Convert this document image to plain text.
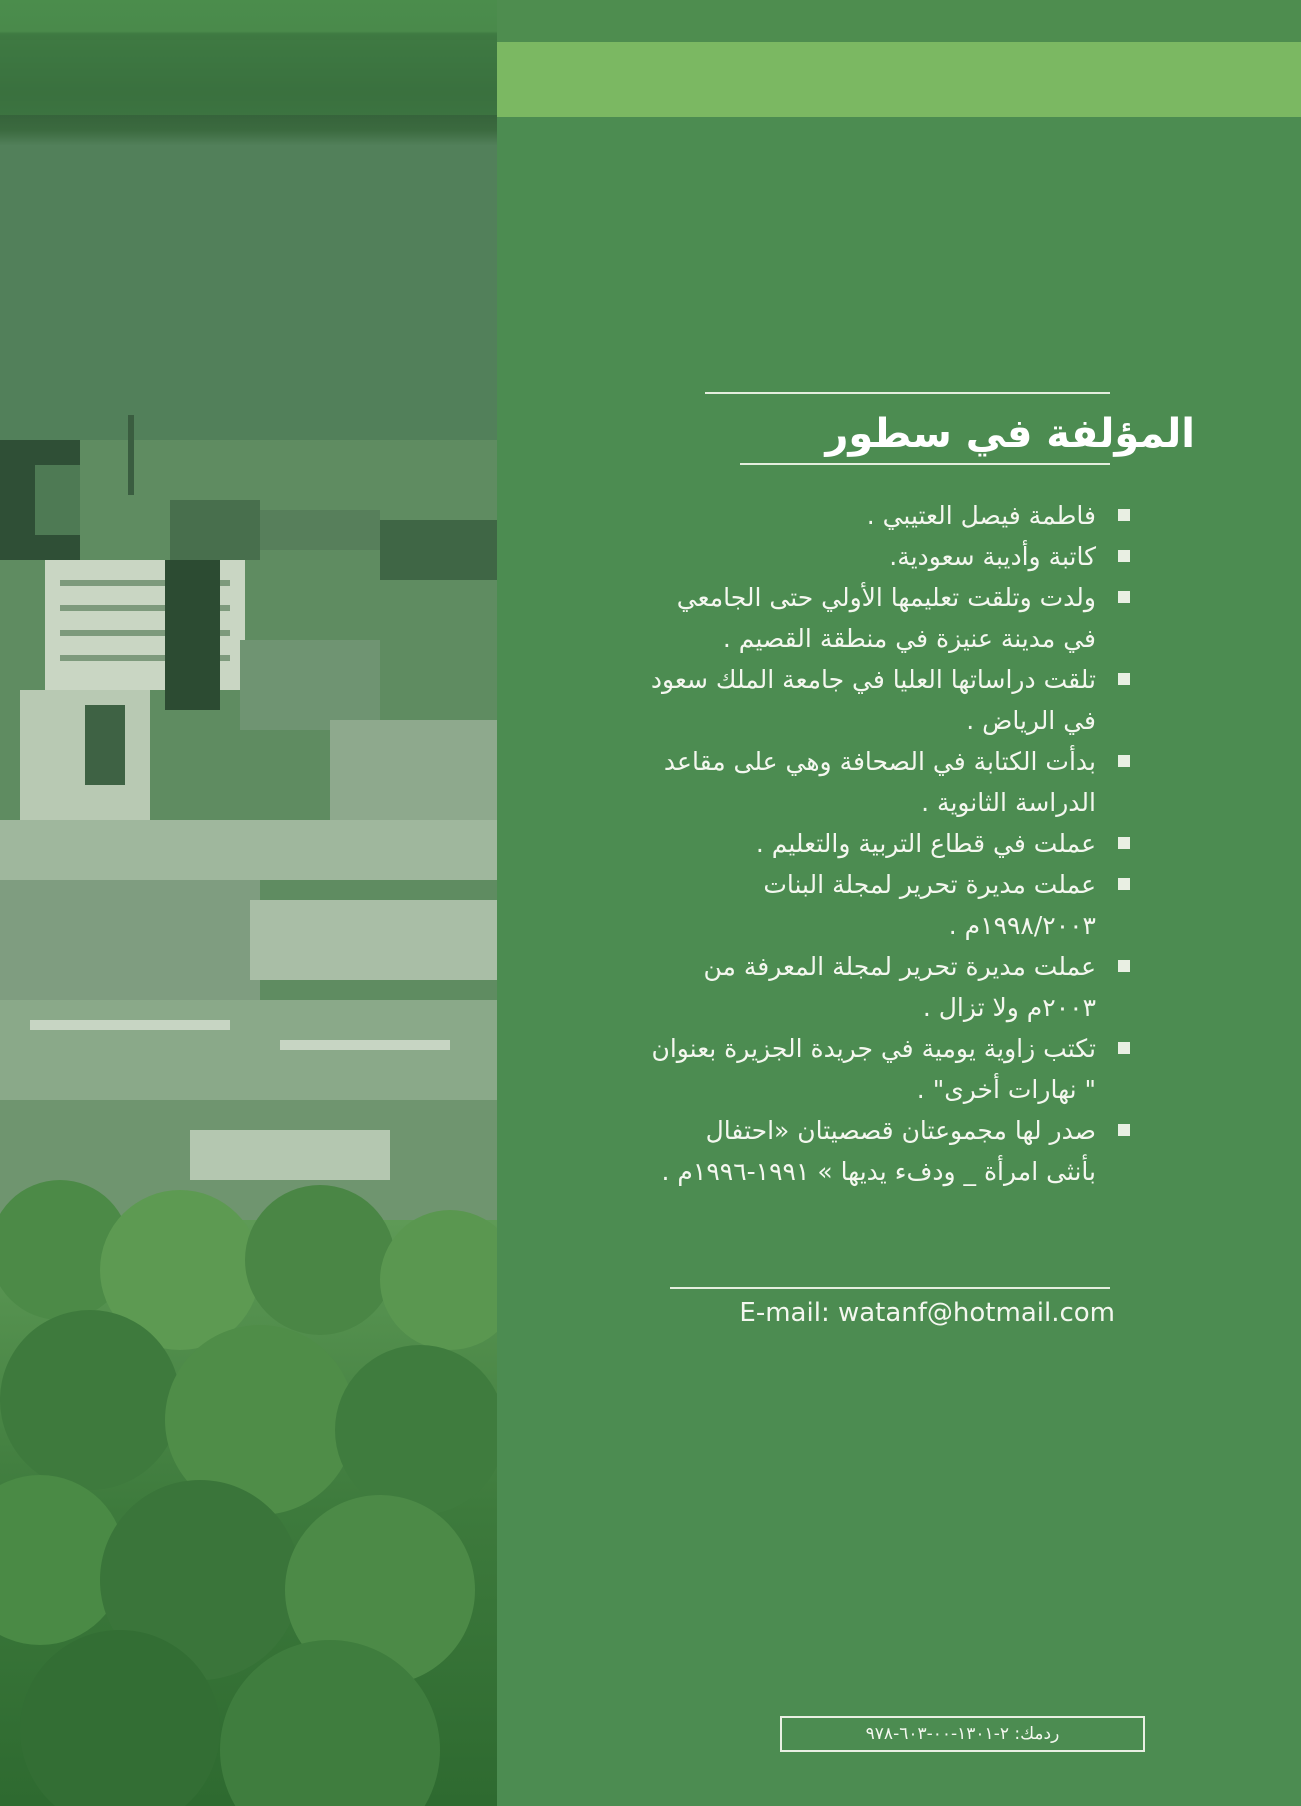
المؤلفة في سطور
فاطمة فيصل العتيبي .
كاتبة وأديبة سعودية.
ولدت وتلقت تعليمها الأولي حتى الجامعي في مدينة عنيزة في منطقة القصيم .
تلقت دراساتها العليا في جامعة الملك سعود في الرياض .
بدأت الكتابة في الصحافة وهي على مقاعد الدراسة الثانوية .
عملت في قطاع التربية والتعليم .
عملت مديرة تحرير لمجلة البنات ١٩٩٨/٢٠٠٣م .
عملت مديرة تحرير لمجلة المعرفة من ٢٠٠٣م ولا تزال .
تكتب زاوية يومية في جريدة الجزيرة بعنوان " نهارات أخرى" .
صدر لها مجموعتان قصصيتان «احتفال بأنثى امرأة _ ودفء يديها » ١٩٩١-١٩٩٦م .
E-mail: watanf@hotmail.com
ردمك: ٢-١٣٠١-٠٠-٦٠٣-٩٧٨
